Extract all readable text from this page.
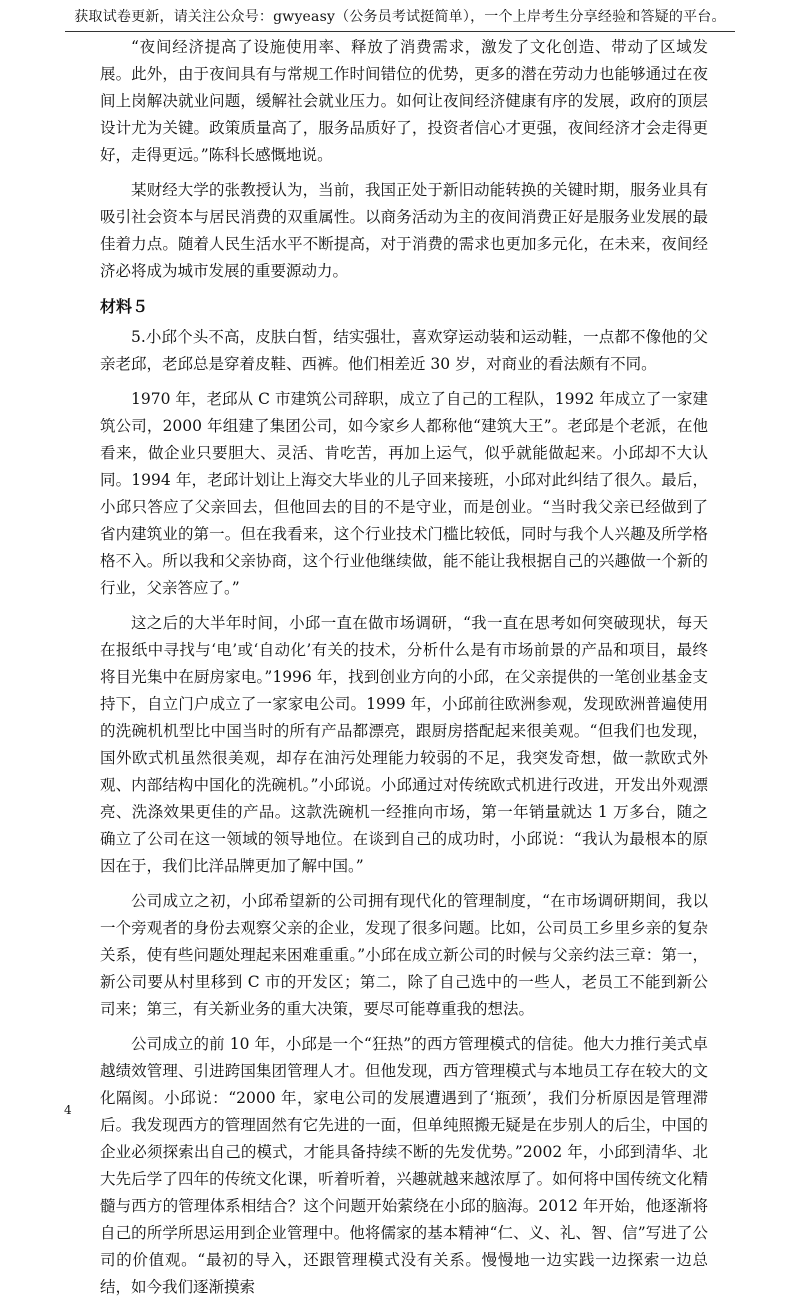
获取试卷更新，请关注公众号：gwyeasy（公务员考试挺简单），一个上岸考生分享经验和答疑的平台。

“夜间经济提高了设施使用率、释放了消费需求，激发了文化创造、带动了区域发展。此外，由于夜间具有与常规工作时间错位的优势，更多的潜在劳动力也能够通过在夜间上岗解决就业问题，缓解社会就业压力。如何让夜间经济健康有序的发展，政府的顶层设计尤为关键。政策质量高了，服务品质好了，投资者信心才更强，夜间经济才会走得更好，走得更远。”陈科长感慨地说。

某财经大学的张教授认为，当前，我国正处于新旧动能转换的关键时期，服务业具有吸引社会资本与居民消费的双重属性。以商务活动为主的夜间消费正好是服务业发展的最佳着力点。随着人民生活水平不断提高，对于消费的需求也更加多元化，在未来，夜间经济必将成为城市发展的重要源动力。

材料５

5.小邱个头不高，皮肤白皙，结实强壮，喜欢穿运动装和运动鞋，一点都不像他的父亲老邱，老邱总是穿着皮鞋、西裤。他们相差近 30 岁，对商业的看法颇有不同。

1970 年，老邱从 C 市建筑公司辞职，成立了自己的工程队，1992 年成立了一家建筑公司，2000 年组建了集团公司，如今家乡人都称他“建筑大王”。老邱是个老派，在他看来，做企业只要胆大、灵活、肯吃苦，再加上运气，似乎就能做起来。小邱却不大认同。1994 年，老邱计划让上海交大毕业的儿子回来接班，小邱对此纠结了很久。最后，小邱只答应了父亲回去，但他回去的目的不是守业，而是创业。“当时我父亲已经做到了省内建筑业的第一。但在我看来，这个行业技术门槛比较低，同时与我个人兴趣及所学格格不入。所以我和父亲协商，这个行业他继续做，能不能让我根据自己的兴趣做一个新的行业，父亲答应了。”

这之后的大半年时间，小邱一直在做市场调研，“我一直在思考如何突破现状，每天在报纸中寻找与‘电’或‘自动化’有关的技术，分析什么是有市场前景的产品和项目，最终将目光集中在厨房家电。”1996 年，找到创业方向的小邱，在父亲提供的一笔创业基金支持下，自立门户成立了一家家电公司。1999 年，小邱前往欧洲参观，发现欧洲普遍使用的洗碗机机型比中国当时的所有产品都漂亮，跟厨房搭配起来很美观。“但我们也发现，国外欧式机虽然很美观，却存在油污处理能力较弱的不足，我突发奇想，做一款欧式外观、内部结构中国化的洗碗机。”小邱说。小邱通过对传统欧式机进行改进，开发出外观漂亮、洗涤效果更佳的产品。这款洗碗机一经推向市场，第一年销量就达 1 万多台，随之确立了公司在这一领域的领导地位。在谈到自己的成功时，小邱说：“我认为最根本的原因在于，我们比洋品牌更加了解中国。”

公司成立之初，小邱希望新的公司拥有现代化的管理制度，“在市场调研期间，我以一个旁观者的身份去观察父亲的企业，发现了很多问题。比如，公司员工乡里乡亲的复杂关系，使有些问题处理起来困难重重。”小邱在成立新公司的时候与父亲约法三章：第一，新公司要从村里移到 C 市的开发区；第二，除了自己选中的一些人，老员工不能到新公司来；第三，有关新业务的重大决策，要尽可能尊重我的想法。

公司成立的前 10 年，小邱是一个“狂热”的西方管理模式的信徒。他大力推行美式卓越绩效管理、引进跨国集团管理人才。但他发现，西方管理模式与本地员工存在较大的文化隔阂。小邱说：“2000 年，家电公司的发展遭遇到了‘瓶颈’，我们分析原因是管理滞后。我发现西方的管理固然有它先进的一面，但单纯照搬无疑是在步别人的后尘，中国的企业必须探索出自己的模式，才能具备持续不断的先发优势。”2002 年，小邱到清华、北大先后学了四年的传统文化课，听着听着，兴趣就越来越浓厚了。如何将中国传统文化精髓与西方的管理体系相结合？这个问题开始萦绕在小邱的脑海。2012 年开始，他逐渐将自己的所学所思运用到企业管理中。他将儒家的基本精神“仁、义、礼、智、信”写进了公司的价值观。“最初的导入，还跟管理模式没有关系。慢慢地一边实践一边探索一边总结，如今我们逐渐摸索

4
